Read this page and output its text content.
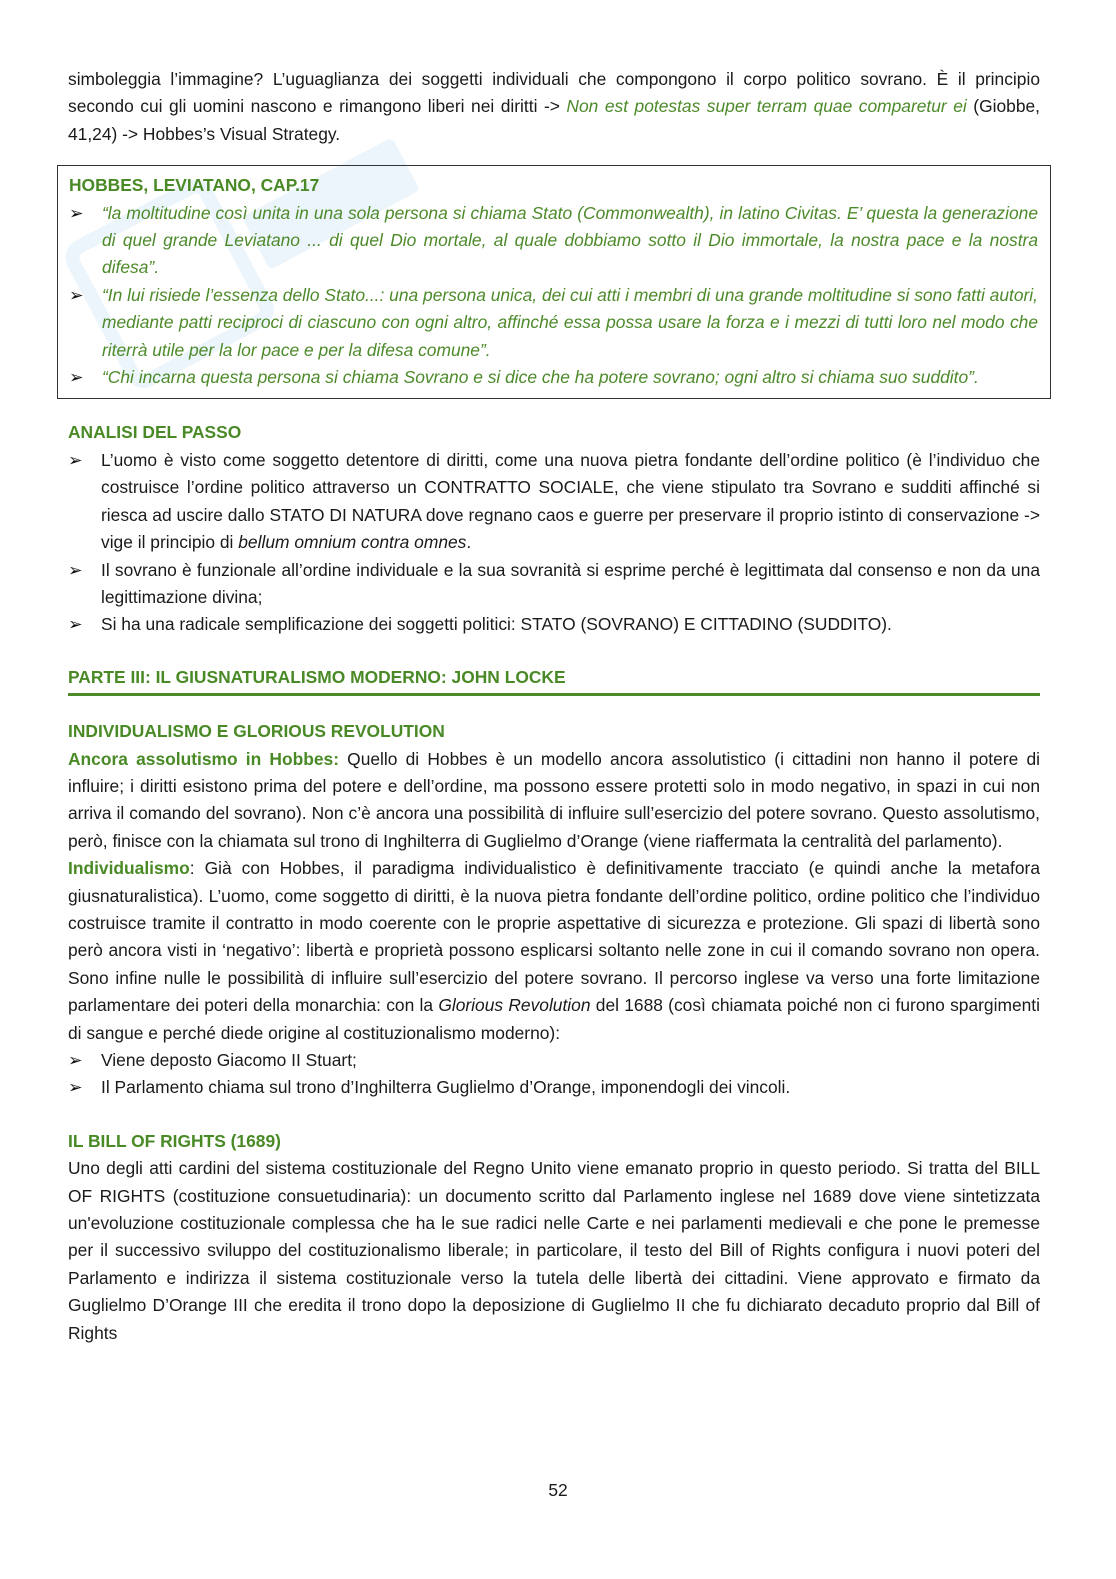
simboleggia l’immagine? L’uguaglianza dei soggetti individuali che compongono il corpo politico sovrano. È il principio secondo cui gli uomini nascono e rimangono liberi nei diritti -> Non est potestas super terram quae comparetur ei (Giobbe, 41,24) -> Hobbes’s Visual Strategy.

HOBBES, LEVIATANO, CAP.17

➢ “la moltitudine così unita in una sola persona si chiama Stato (Commonwealth), in latino Civitas. E’ questa la generazione di quel grande Leviatano ... di quel Dio mortale, al quale dobbiamo sotto il Dio immortale, la nostra pace e la nostra difesa”.
➢ “In lui risiede l’essenza dello Stato...: una persona unica, dei cui atti i membri di una grande moltitudine si sono fatti autori, mediante patti reciproci di ciascuno con ogni altro, affinché essa possa usare la forza e i mezzi di tutti loro nel modo che riterrà utile per la lor pace e per la difesa comune”.
➢ “Chi incarna questa persona si chiama Sovrano e si dice che ha potere sovrano; ogni altro si chiama suo suddito”.

ANALISI DEL PASSO

➢ L’uomo è visto come soggetto detentore di diritti, come una nuova pietra fondante dell’ordine politico (è l’individuo che costruisce l’ordine politico attraverso un CONTRATTO SOCIALE, che viene stipulato tra Sovrano e sudditi affinché si riesca ad uscire dallo STATO DI NATURA dove regnano caos e guerre per preservare il proprio istinto di conservazione -> vige il principio di bellum omnium contra omnes.
➢ Il sovrano è funzionale all’ordine individuale e la sua sovranità si esprime perché è legittimata dal consenso e non da una legittimazione divina;
➢ Si ha una radicale semplificazione dei soggetti politici: STATO (SOVRANO) E CITTADINO (SUDDITO).

PARTE III: IL GIUSNATURALISMO MODERNO: JOHN LOCKE

INDIVIDUALISMO E GLORIOUS REVOLUTION

Ancora assolutismo in Hobbes: Quello di Hobbes è un modello ancora assolutistico (i cittadini non hanno il potere di influire; i diritti esistono prima del potere e dell’ordine, ma possono essere protetti solo in modo negativo, in spazi in cui non arriva il comando del sovrano). Non c’è ancora una possibilità di influire sull’esercizio del potere sovrano. Questo assolutismo, però, finisce con la chiamata sul trono di Inghilterra di Guglielmo d’Orange (viene riaffermata la centralità del parlamento).

Individualismo: Già con Hobbes, il paradigma individualistico è definitivamente tracciato (e quindi anche la metafora giusnaturalistica). L’uomo, come soggetto di diritti, è la nuova pietra fondante dell’ordine politico, ordine politico che l’individuo costruisce tramite il contratto in modo coerente con le proprie aspettative di sicurezza e protezione. Gli spazi di libertà sono però ancora visti in ‘negativo’: libertà e proprietà possono esplicarsi soltanto nelle zone in cui il comando sovrano non opera. Sono infine nulle le possibilità di influire sull’esercizio del potere sovrano. Il percorso inglese va verso una forte limitazione parlamentare dei poteri della monarchia: con la Glorious Revolution del 1688 (così chiamata poiché non ci furono spargimenti di sangue e perché diede origine al costituzionalismo moderno):

➢ Viene deposto Giacomo II Stuart;
➢ Il Parlamento chiama sul trono d’Inghilterra Guglielmo d’Orange, imponendogli dei vincoli.

IL BILL OF RIGHTS (1689)

Uno degli atti cardini del sistema costituzionale del Regno Unito viene emanato proprio in questo periodo. Si tratta del BILL OF RIGHTS (costituzione consuetudinaria): un documento scritto dal Parlamento inglese nel 1689 dove viene sintetizzata un'evoluzione costituzionale complessa che ha le sue radici nelle Carte e nei parlamenti medievali e che pone le premesse per il successivo sviluppo del costituzionalismo liberale; in particolare, il testo del Bill of Rights configura i nuovi poteri del Parlamento e indirizza il sistema costituzionale verso la tutela delle libertà dei cittadini. Viene approvato e firmato da Guglielmo D’Orange III che eredita il trono dopo la deposizione di Guglielmo II che fu dichiarato decaduto proprio dal Bill of Rights

52
